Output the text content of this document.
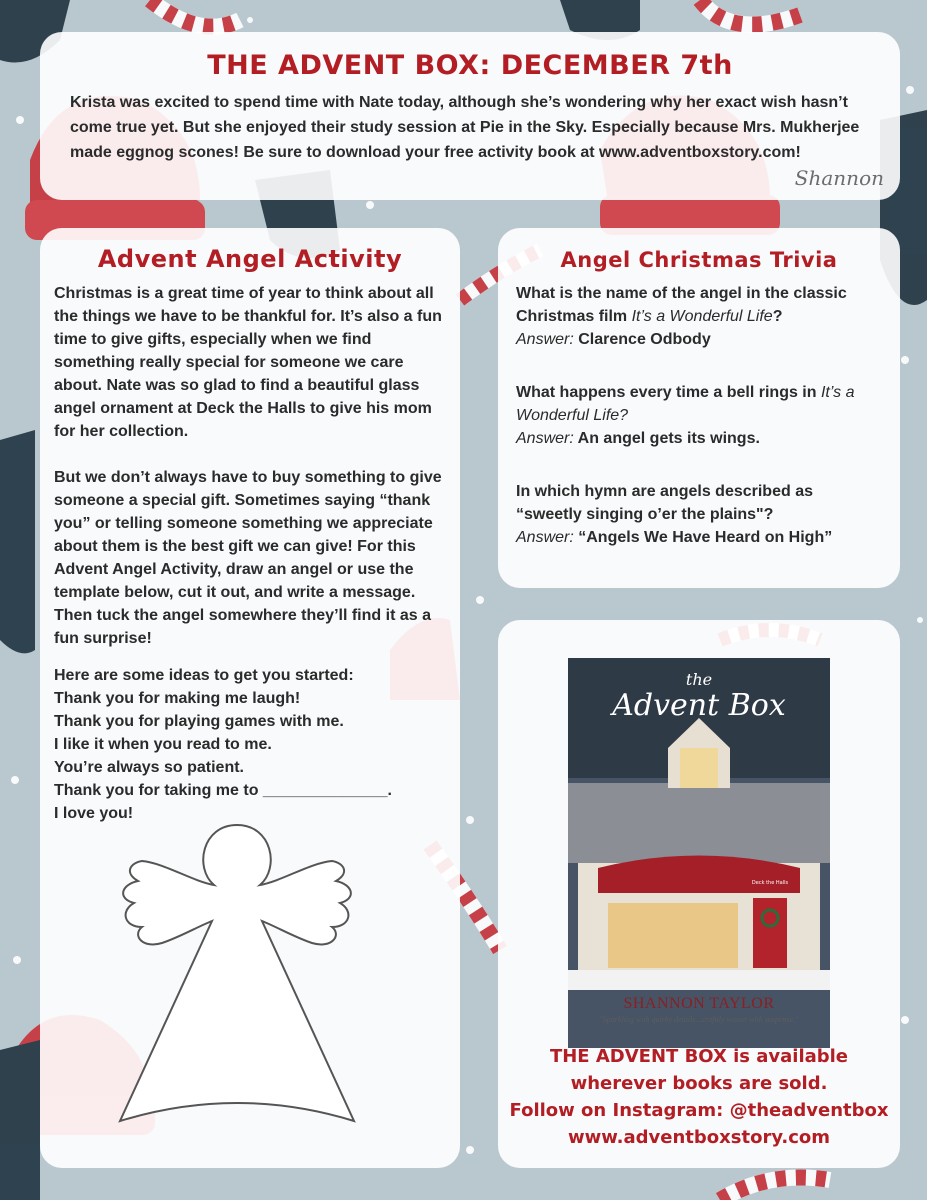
THE ADVENT BOX: DECEMBER 7th

Krista was excited to spend time with Nate today, although she’s wondering why her exact wish hasn’t come true yet. But she enjoyed their study session at Pie in the Sky. Especially because Mrs. Mukherjee made eggnog scones! Be sure to download your free activity book at www.adventboxstory.com!

Shannon
Advent Angel Activity

Christmas is a great time of year to think about all the things we have to be thankful for. It’s also a fun time to give gifts, especially when we find something really special for someone we care about. Nate was so glad to find a beautiful glass angel ornament at Deck the Halls to give his mom for her collection.

But we don’t always have to buy something to give someone a special gift. Sometimes saying “thank you” or telling someone something we appreciate about them is the best gift we can give! For this Advent Angel Activity, draw an angel or use the template below, cut it out, and write a message. Then tuck the angel somewhere they’ll find it as a fun surprise!

Here are some ideas to get you started:

Thank you for making me laugh!

Thank you for playing games with me.

I like it when you read to me.

You’re always so patient.

Thank you for taking me to ______________.

I love you!

Angel Christmas Trivia

What is the name of the angel in the classic Christmas film It’s a Wonderful Life?

Answer: Clarence Odbody

What happens every time a bell rings in It’s a Wonderful Life?

Answer: An angel gets its wings.

In which hymn are angels described as “sweetly singing o’er the plains"?

Answer: “Angels We Have Heard on High”

the
Advent Box
Deck the Halls
SHANNON TAYLOR
"Sparkling with quirky details...craftily woven with suspense."
THE ADVENT BOX is available
wherever books are sold.
Follow on Instagram: @theadventbox
www.adventboxstory.com
